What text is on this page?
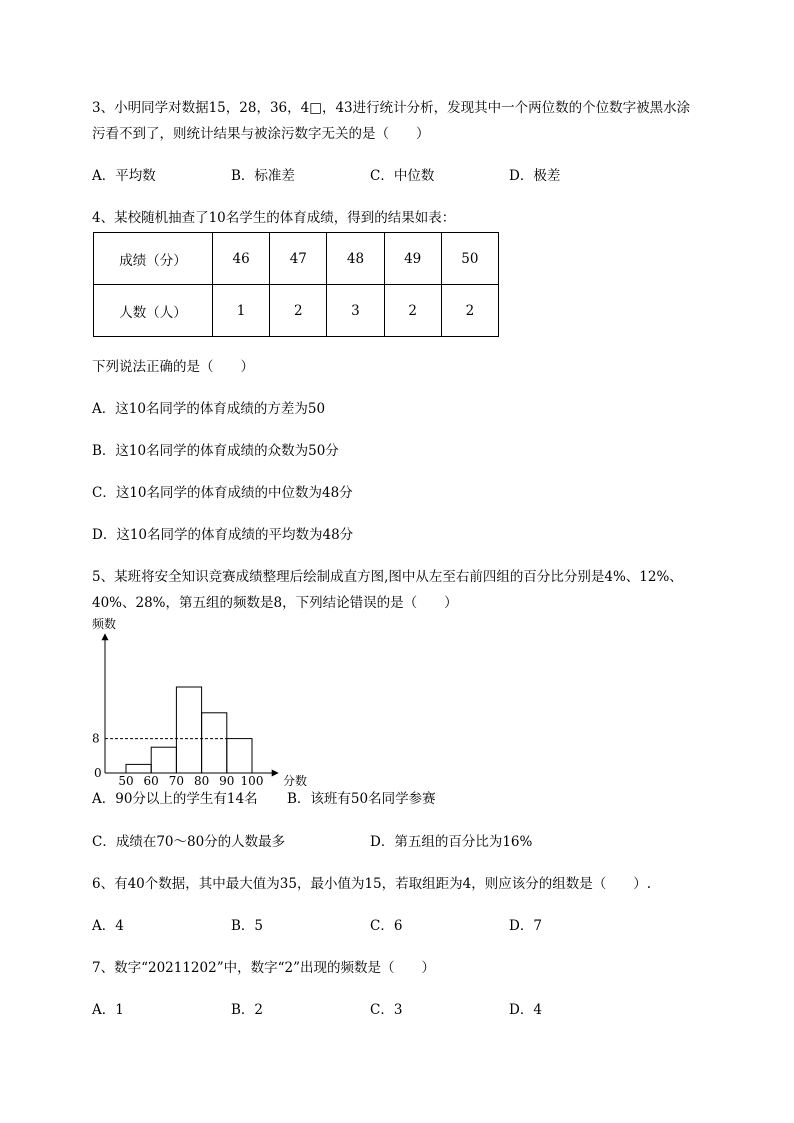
3、小明同学对数据15，28，36，4□，43进行统计分析，发现其中一个两位数的个位数字被黑水涂
污看不到了，则统计结果与被涂污数字无关的是（　　）
A．平均数	B．标准差	C．中位数	D．极差
4、某校随机抽查了10名学生的体育成绩，得到的结果如表：
成绩（分）	46	47	48	49	50
人数（人）	1	2	3	2	2
下列说法正确的是（　　）
A．这10名同学的体育成绩的方差为50
B．这10名同学的体育成绩的众数为50分
C．这10名同学的体育成绩的中位数为48分
D．这10名同学的体育成绩的平均数为48分
5、某班将安全知识竞赛成绩整理后绘制成直方图,图中从左至右前四组的百分比分别是4%、12%、
40%、28%，第五组的频数是8，下列结论错误的是（　　）
频数
0
8
50 60 70 80 90 100 分数
A．90分以上的学生有14名 B．该班有50名同学参赛
C．成绩在70～80分的人数最多	D．第五组的百分比为16%
6、有40个数据，其中最大值为35，最小值为15，若取组距为4，则应该分的组数是（　　）.
A．4	B．5	C．6	D．7
7、数字“20211202”中，数字“2”出现的频数是（　　）
A．1	B．2	C．3	D．4
